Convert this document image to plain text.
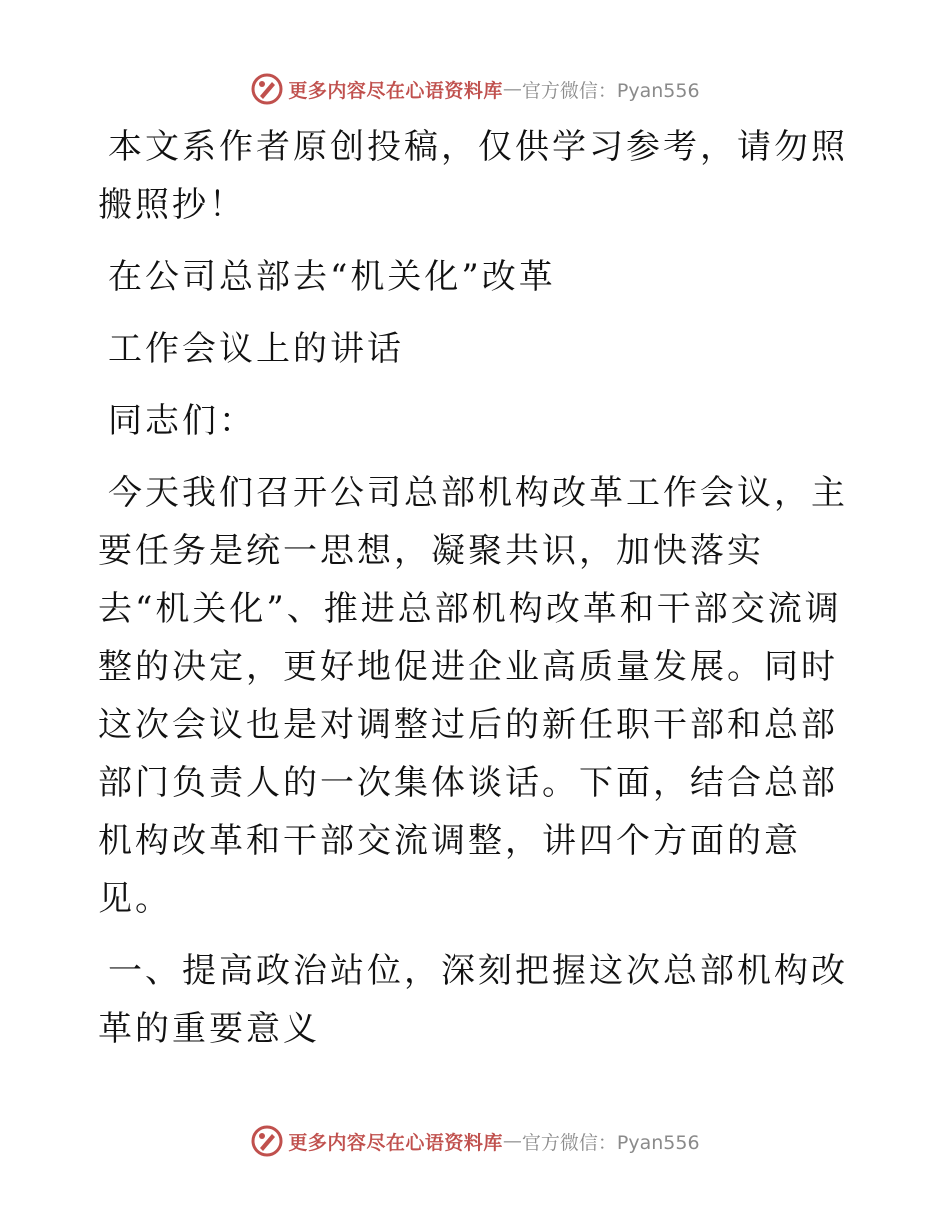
更多内容尽在心语资料库 — 官方微信：Pyan556

本文系作者原创投稿，仅供学习参考，请勿照搬照抄！

在公司总部去“机关化”改革

工作会议上的讲话

同志们：

今天我们召开公司总部机构改革工作会议，主要任务是统一思想，凝聚共识，加快落实去“机关化”、推进总部机构改革和干部交流调整的决定，更好地促进企业高质量发展。同时这次会议也是对调整过后的新任职干部和总部部门负责人的一次集体谈话。下面，结合总部机构改革和干部交流调整，讲四个方面的意见。

一、提高政治站位，深刻把握这次总部机构改革的重要意义

更多内容尽在心语资料库 — 官方微信：Pyan556
